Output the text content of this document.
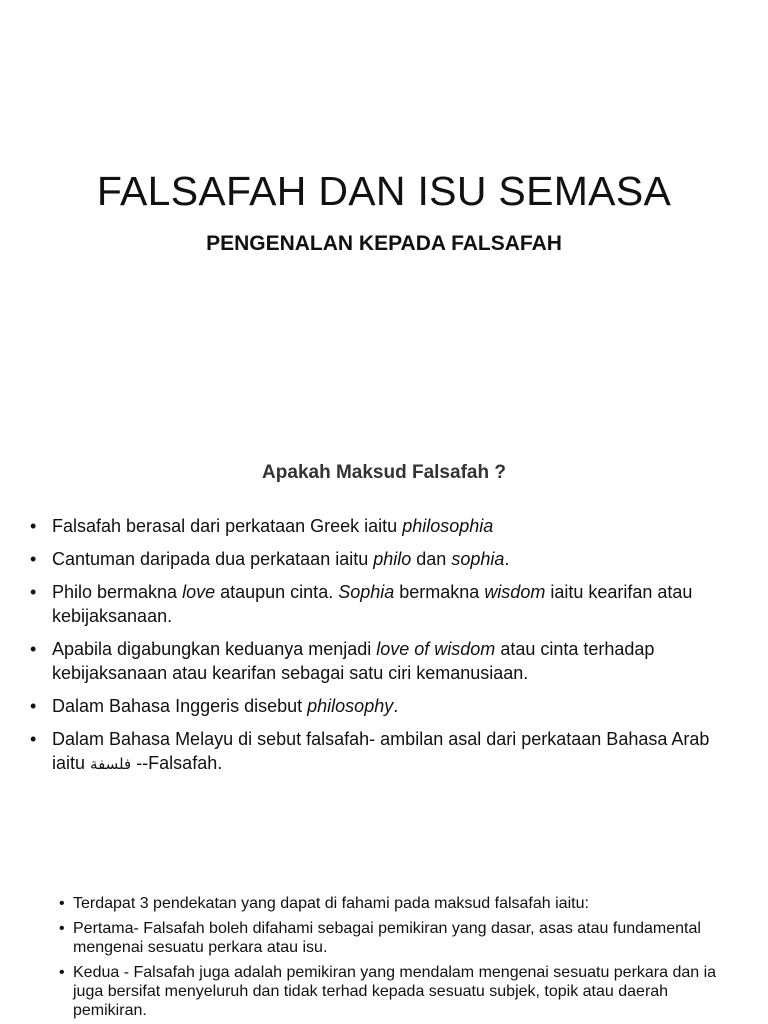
FALSAFAH DAN ISU SEMASA
PENGENALAN KEPADA FALSAFAH
Apakah Maksud Falsafah ?
• Falsafah berasal dari perkataan Greek iaitu philosophia
• Cantuman daripada dua perkataan iaitu philo dan sophia.
• Philo bermakna love ataupun cinta. Sophia bermakna wisdom iaitu kearifan atau kebijaksanaan.
• Apabila digabungkan keduanya menjadi love of wisdom atau cinta terhadap kebijaksanaan atau kearifan sebagai satu ciri kemanusiaan.
• Dalam Bahasa Inggeris disebut philosophy.
• Dalam Bahasa Melayu di sebut falsafah- ambilan asal dari perkataan Bahasa Arab iaitu فلسفة --Falsafah.
• Terdapat 3 pendekatan yang dapat di fahami pada maksud falsafah iaitu:
• Pertama- Falsafah boleh difahami sebagai pemikiran yang dasar, asas atau fundamental mengenai sesuatu perkara atau isu.
• Kedua - Falsafah juga adalah pemikiran yang mendalam mengenai sesuatu perkara dan ia juga bersifat menyeluruh dan tidak terhad kepada sesuatu subjek, topik atau daerah pemikiran.
